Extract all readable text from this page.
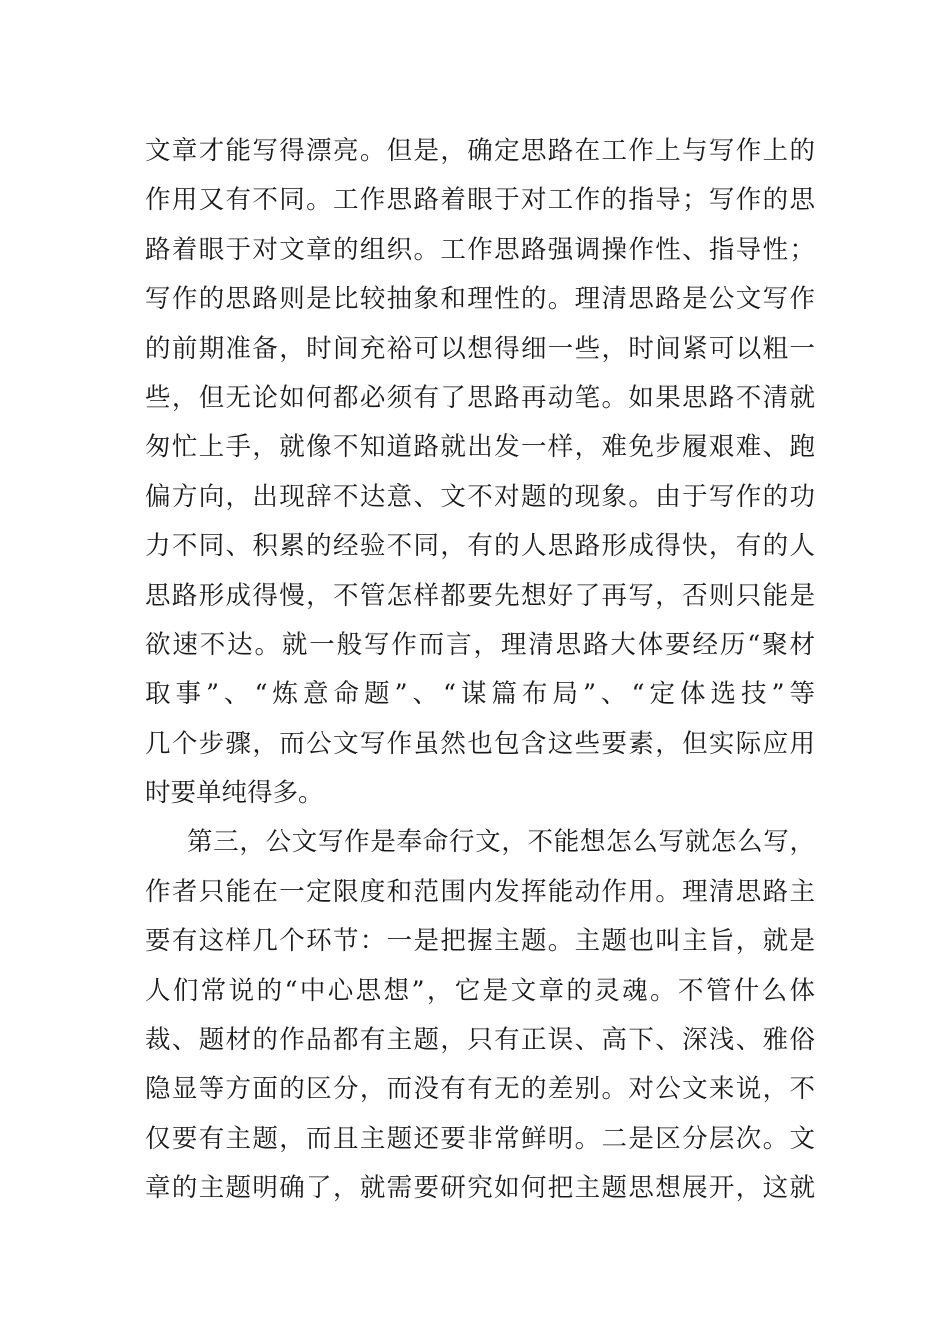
文章才能写得漂亮。但是，确定思路在工作上与写作上的
作用又有不同。工作思路着眼于对工作的指导；写作的思
路着眼于对文章的组织。工作思路强调操作性、指导性；
写作的思路则是比较抽象和理性的。理清思路是公文写作
的前期准备，时间充裕可以想得细一些，时间紧可以粗一
些，但无论如何都必须有了思路再动笔。如果思路不清就
匆忙上手，就像不知道路就出发一样，难免步履艰难、跑
偏方向，出现辞不达意、文不对题的现象。由于写作的功
力不同、积累的经验不同，有的人思路形成得快，有的人
思路形成得慢，不管怎样都要先想好了再写，否则只能是
欲速不达。就一般写作而言，理清思路大体要经历“聚材
取事”、“炼意命题”、“谋篇布局”、“定体选技”等
几个步骤，而公文写作虽然也包含这些要素，但实际应用
时要单纯得多。
第三，公文写作是奉命行文，不能想怎么写就怎么写，
作者只能在一定限度和范围内发挥能动作用。理清思路主
要有这样几个环节：一是把握主题。主题也叫主旨，就是
人们常说的“中心思想”，它是文章的灵魂。不管什么体
裁、题材的作品都有主题，只有正误、高下、深浅、雅俗
隐显等方面的区分，而没有有无的差别。对公文来说，不
仅要有主题，而且主题还要非常鲜明。二是区分层次。文
章的主题明确了，就需要研究如何把主题思想展开，这就
